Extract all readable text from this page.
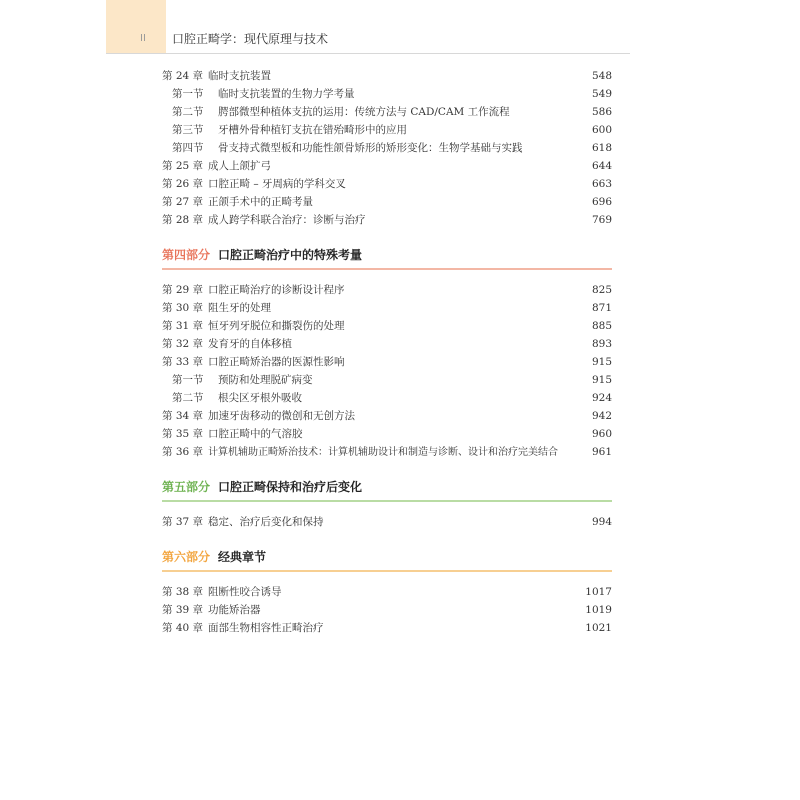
II 口腔正畸学：现代原理与技术
第 24 章 临时支抗装置	548
第一节 临时支抗装置的生物力学考量	549
第二节 腭部微型种植体支抗的运用：传统方法与 CAD/CAM 工作流程	586
第三节 牙槽外骨种植钉支抗在错殆畸形中的应用	600
第四节 骨支持式微型板和功能性颌骨矫形的矫形变化：生物学基础与实践	618
第 25 章 成人上颌扩弓	644
第 26 章 口腔正畸 – 牙周病的学科交叉	663
第 27 章 正颌手术中的正畸考量	696
第 28 章 成人跨学科联合治疗：诊断与治疗	769
第四部分 口腔正畸治疗中的特殊考量
第 29 章 口腔正畸治疗的诊断设计程序	825
第 30 章 阻生牙的处理	871
第 31 章 恒牙列牙脱位和撕裂伤的处理	885
第 32 章 发育牙的自体移植	893
第 33 章 口腔正畸矫治器的医源性影响	915
第一节 预防和处理脱矿病变	915
第二节 根尖区牙根外吸收	924
第 34 章 加速牙齿移动的微创和无创方法	942
第 35 章 口腔正畸中的气溶胶	960
第 36 章 计算机辅助正畸矫治技术：计算机辅助设计和制造与诊断、设计和治疗完美结合	961
第五部分 口腔正畸保持和治疗后变化
第 37 章 稳定、治疗后变化和保持	994
第六部分 经典章节
第 38 章 阻断性咬合诱导	1017
第 39 章 功能矫治器	1019
第 40 章 面部生物相容性正畸治疗	1021
